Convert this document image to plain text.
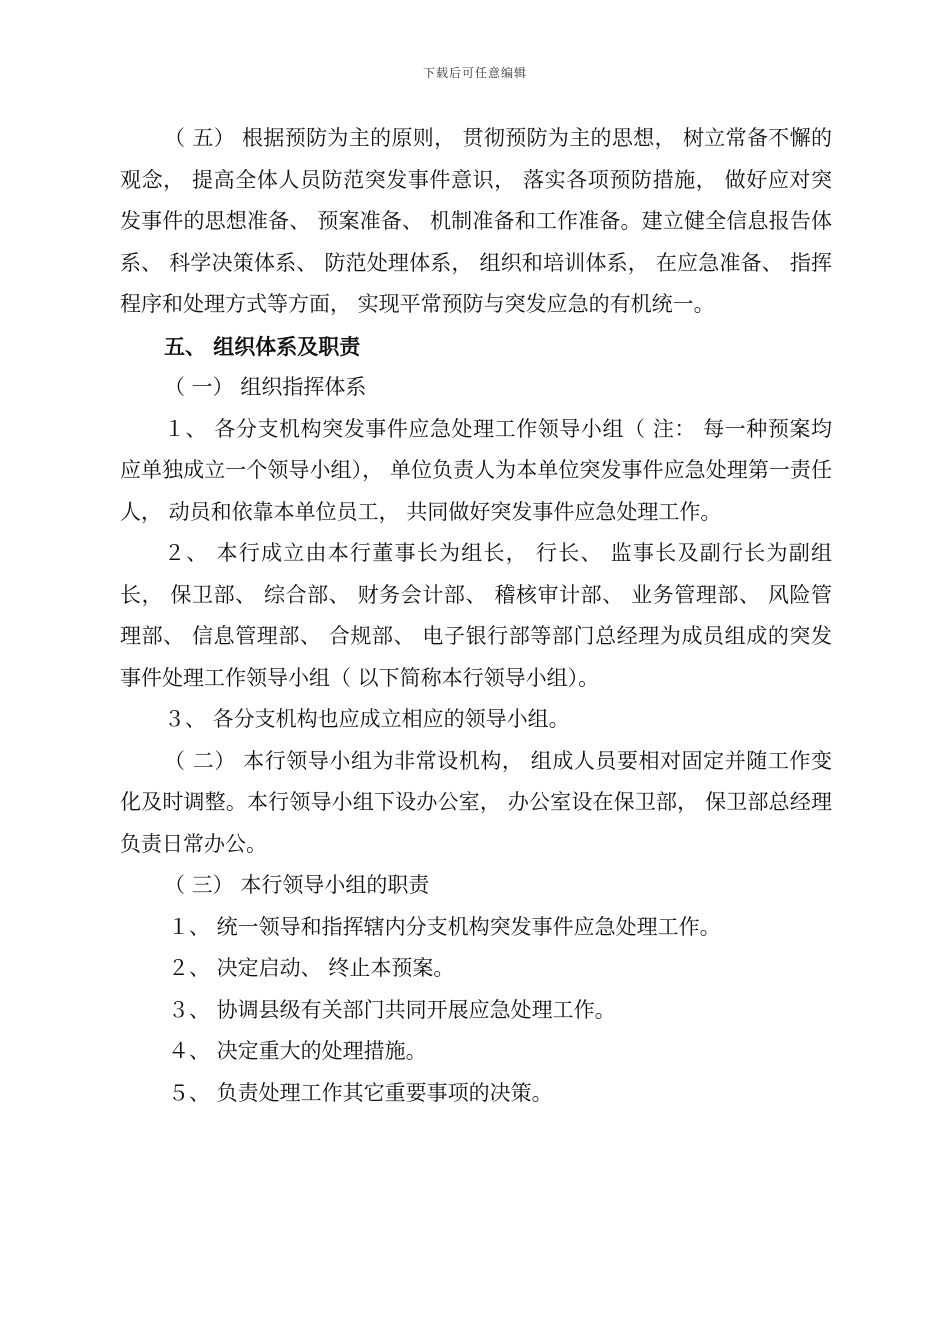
下载后可任意编辑

（ 五） 根据预防为主的原则， 贯彻预防为主的思想， 树立常备不懈的观念， 提高全体人员防范突发事件意识， 落实各项预防措施， 做好应对突发事件的思想准备、 预案准备、 机制准备和工作准备。建立健全信息报告体系、 科学决策体系、 防范处理体系， 组织和培训体系， 在应急准备、 指挥程序和处理方式等方面， 实现平常预防与突发应急的有机统一。

五、 组织体系及职责

（ 一） 组织指挥体系

１、 各分支机构突发事件应急处理工作领导小组（ 注： 每一种预案均应单独成立一个领导小组）， 单位负责人为本单位突发事件应急处理第一责任人， 动员和依靠本单位员工， 共同做好突发事件应急处理工作。

２、 本行成立由本行董事长为组长， 行长、 监事长及副行长为副组长， 保卫部、 综合部、 财务会计部、 稽核审计部、 业务管理部、 风险管理部、 信息管理部、 合规部、 电子银行部等部门总经理为成员组成的突发事件处理工作领导小组（ 以下简称本行领导小组）。

３、 各分支机构也应成立相应的领导小组。

（ 二） 本行领导小组为非常设机构， 组成人员要相对固定并随工作变化及时调整。本行领导小组下设办公室， 办公室设在保卫部， 保卫部总经理负责日常办公。

（ 三） 本行领导小组的职责

１、 统一领导和指挥辖内分支机构突发事件应急处理工作。

２、 决定启动、 终止本预案。

３、 协调县级有关部门共同开展应急处理工作。

４、 决定重大的处理措施。

５、 负责处理工作其它重要事项的决策。
